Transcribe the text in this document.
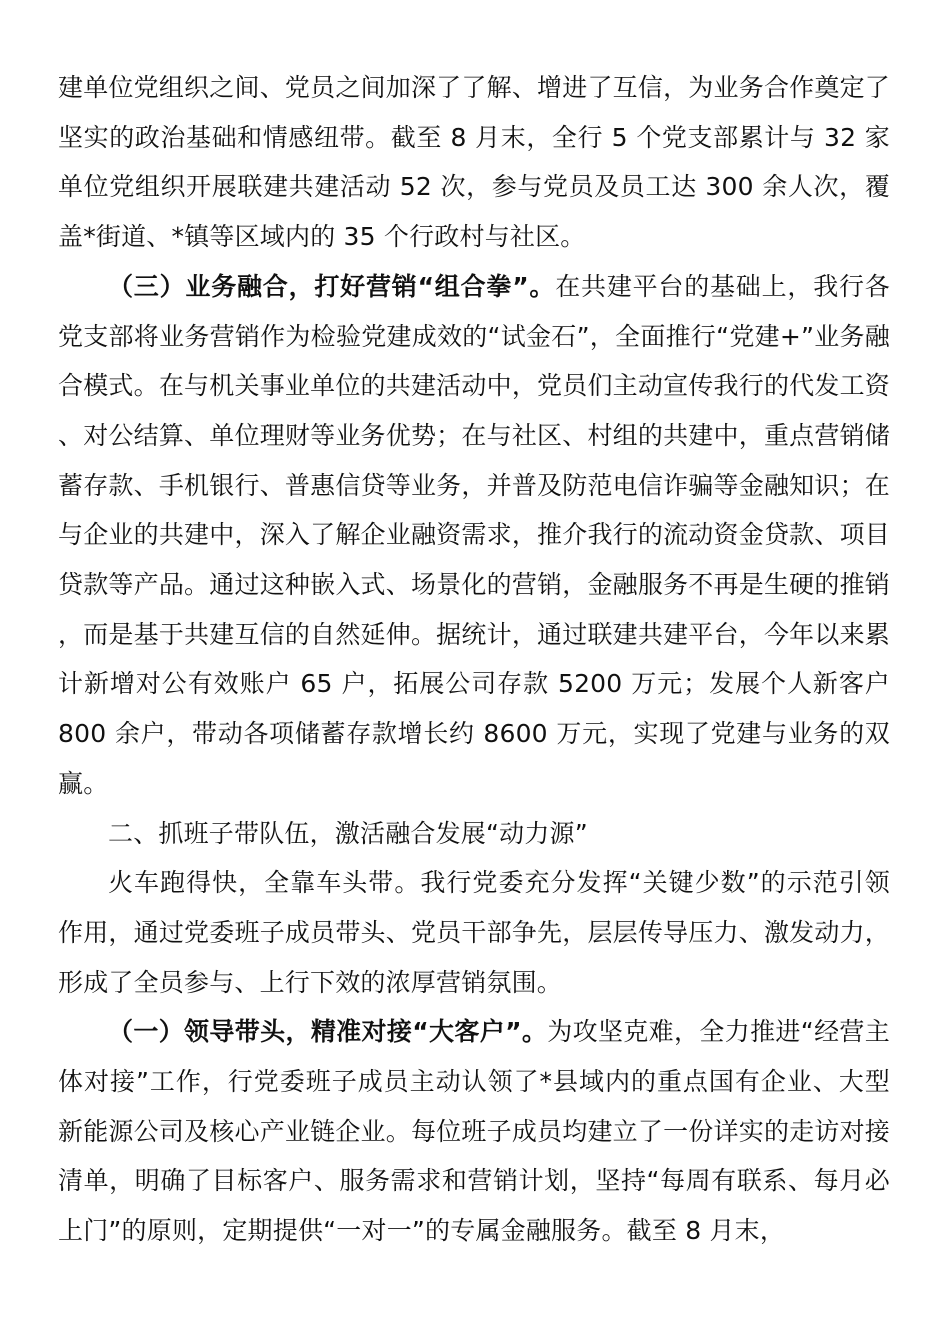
建单位党组织之间、党员之间加深了了解、增进了互信，为业务合作奠定了坚实的政治基础和情感纽带。截至 8 月末，全行 5 个党支部累计与 32 家单位党组织开展联建共建活动 52 次，参与党员及员工达 300 余人次，覆盖*街道、*镇等区域内的 35 个行政村与社区。

（三）业务融合，打好营销“组合拳”。在共建平台的基础上，我行各党支部将业务营销作为检验党建成效的“试金石”，全面推行“党建+”业务融合模式。在与机关事业单位的共建活动中，党员们主动宣传我行的代发工资、对公结算、单位理财等业务优势；在与社区、村组的共建中，重点营销储蓄存款、手机银行、普惠信贷等业务，并普及防范电信诈骗等金融知识；在与企业的共建中，深入了解企业融资需求，推介我行的流动资金贷款、项目贷款等产品。通过这种嵌入式、场景化的营销，金融服务不再是生硬的推销，而是基于共建互信的自然延伸。据统计，通过联建共建平台，今年以来累计新增对公有效账户 65 户，拓展公司存款 5200 万元；发展个人新客户 800 余户，带动各项储蓄存款增长约 8600 万元，实现了党建与业务的双赢。

二、抓班子带队伍，激活融合发展“动力源”

火车跑得快，全靠车头带。我行党委充分发挥“关键少数”的示范引领作用，通过党委班子成员带头、党员干部争先，层层传导压力、激发动力，形成了全员参与、上行下效的浓厚营销氛围。

（一）领导带头，精准对接“大客户”。为攻坚克难，全力推进“经营主体对接”工作，行党委班子成员主动认领了*县域内的重点国有企业、大型新能源公司及核心产业链企业。每位班子成员均建立了一份详实的走访对接清单，明确了目标客户、服务需求和营销计划，坚持“每周有联系、每月必上门”的原则，定期提供“一对一”的专属金融服务。截至 8 月末，
